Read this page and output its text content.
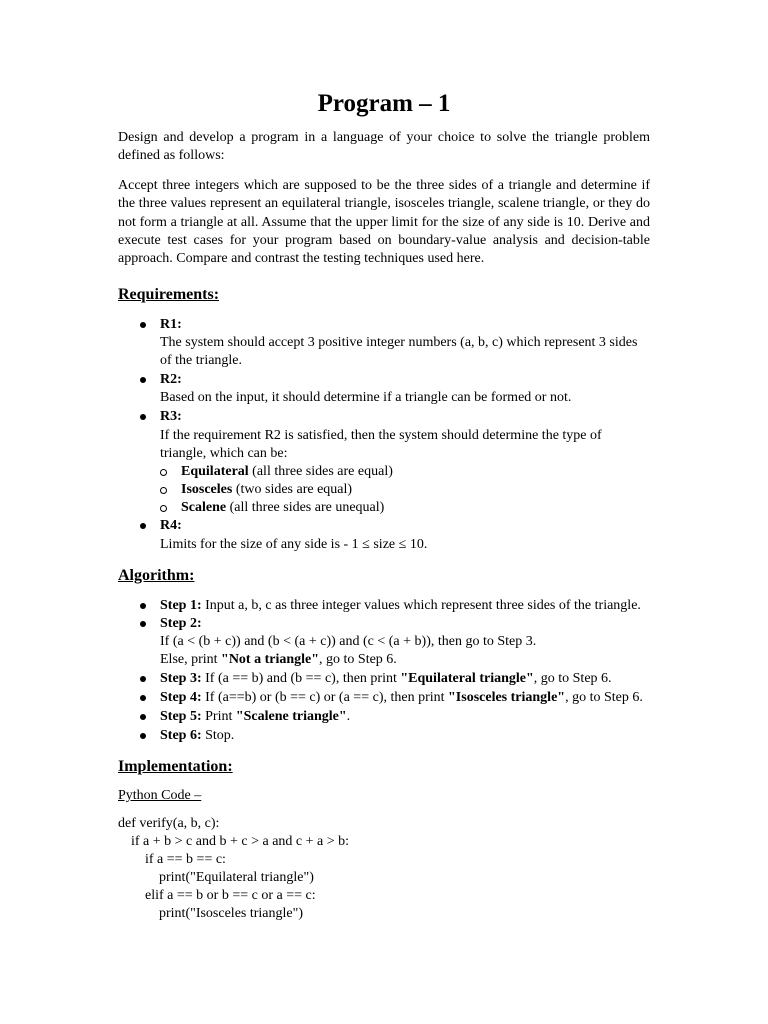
Program – 1

Design and develop a program in a language of your choice to solve the triangle problem defined as follows:

Accept three integers which are supposed to be the three sides of a triangle and determine if the three values represent an equilateral triangle, isosceles triangle, scalene triangle, or they do not form a triangle at all. Assume that the upper limit for the size of any side is 10. Derive and execute test cases for your program based on boundary-value analysis and decision-table approach. Compare and contrast the testing techniques used here.

Requirements:
R1:
The system should accept 3 positive integer numbers (a, b, c) which represent 3 sides
of the triangle.
R2:
Based on the input, it should determine if a triangle can be formed or not.
R3:
If the requirement R2 is satisfied, then the system should determine the type of
triangle, which can be:
Equilateral (all three sides are equal)
Isosceles (two sides are equal)
Scalene (all three sides are unequal)
R4:
Limits for the size of any side is - 1 ≤ size ≤ 10.
Algorithm:
Step 1: Input a, b, c as three integer values which represent three sides of the triangle.
Step 2:
If (a < (b + c)) and (b < (a + c)) and (c < (a + b)), then go to Step 3.
Else, print "Not a triangle", go to Step 6.
Step 3: If (a == b) and (b == c), then print "Equilateral triangle", go to Step 6.
Step 4: If (a==b) or (b == c) or (a == c), then print "Isosceles triangle", go to Step 6.
Step 5: Print "Scalene triangle".
Step 6: Stop.
Implementation:
Python Code –
def verify(a, b, c):
if a + b > c and b + c > a and c + a > b:
if a == b == c:
print("Equilateral triangle")
elif a == b or b == c or a == c:
print("Isosceles triangle")
